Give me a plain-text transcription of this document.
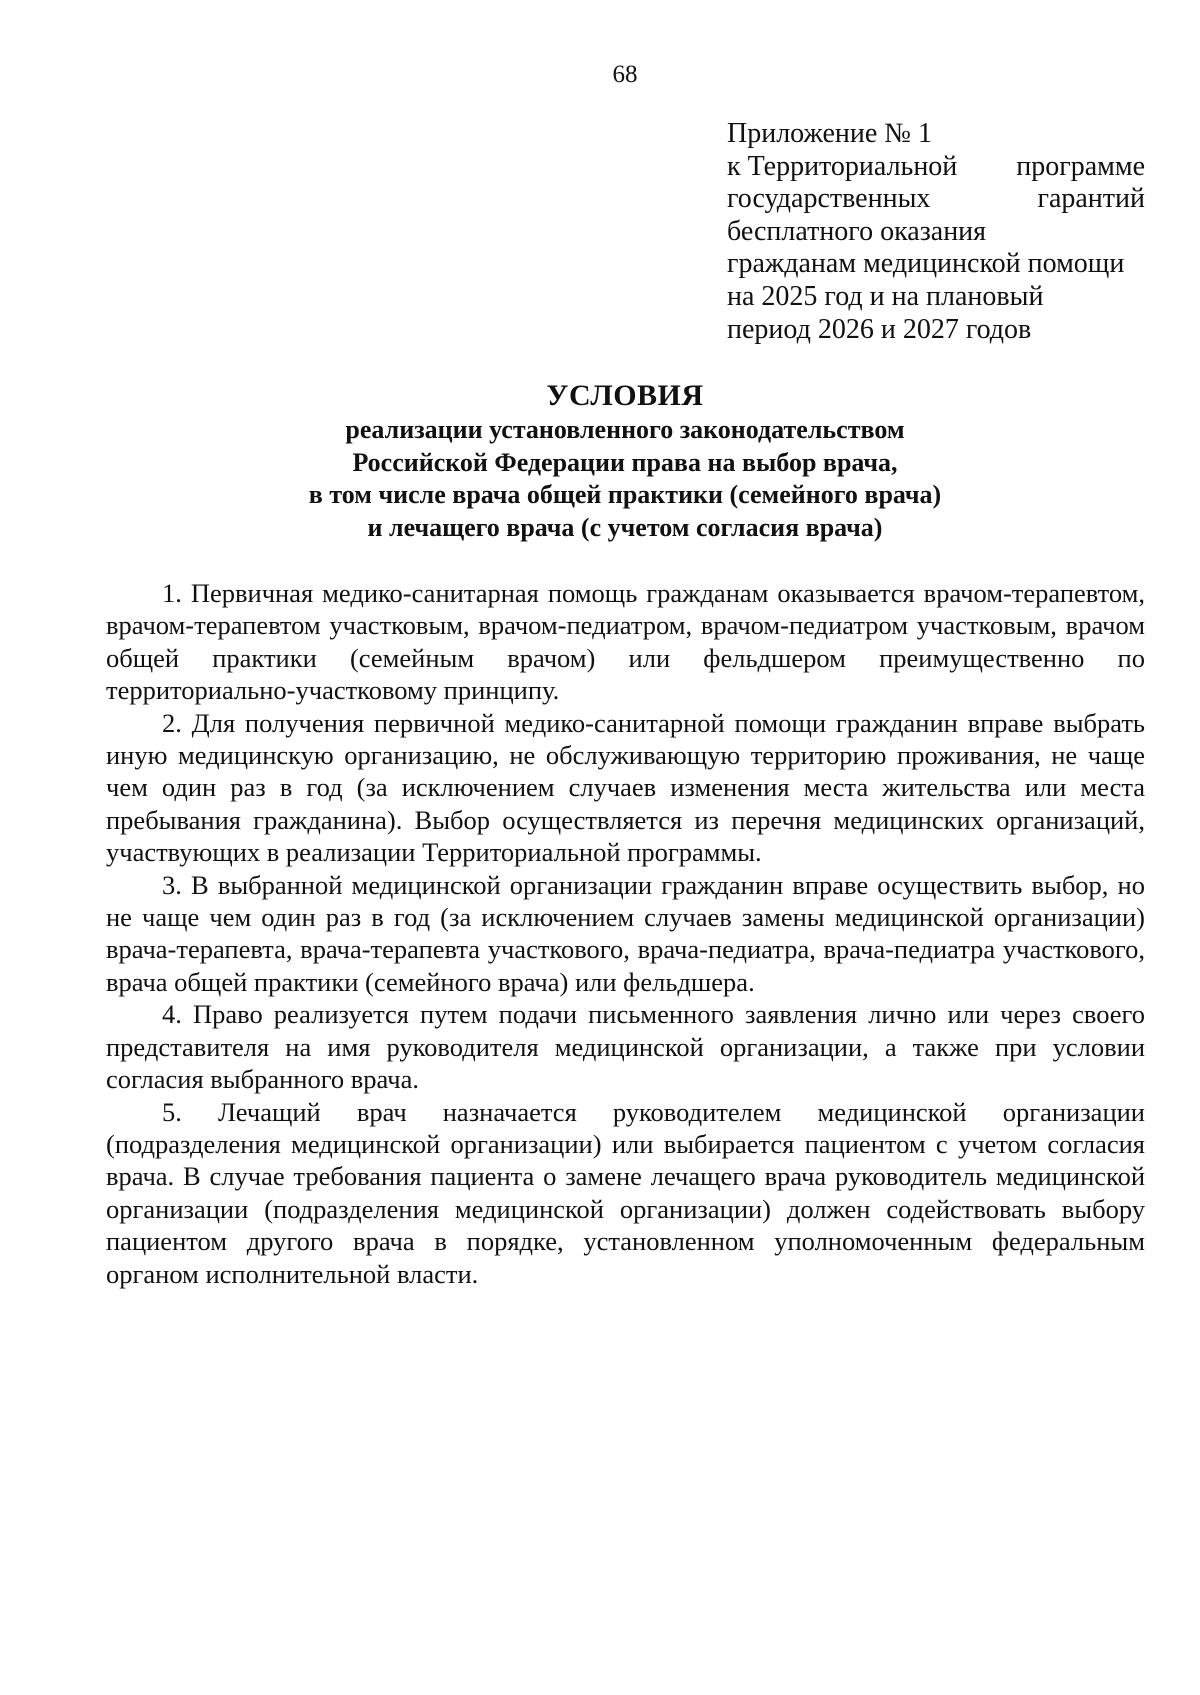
68
Приложение № 1
к Территориальной программе
государственных	гарантий
бесплатного оказания
гражданам медицинской помощи
на 2025 год и на плановый
период 2026 и 2027 годов
УСЛОВИЯ
реализации установленного законодательством
Российской Федерации права на выбор врача,
в том числе врача общей практики (семейного врача)
и лечащего врача (с учетом согласия врача)

1. Первичная медико-санитарная помощь гражданам оказывается врачом-терапевтом, врачом-терапевтом участковым, врачом-педиатром, врачом-педиатром участковым, врачом общей практики (семейным врачом) или фельдшером преимущественно по территориально-участковому принципу.

2. Для получения первичной медико-санитарной помощи гражданин вправе выбрать иную медицинскую организацию, не обслуживающую территорию проживания, не чаще чем один раз в год (за исключением случаев изменения места жительства или места пребывания гражданина). Выбор осуществляется из перечня медицинских организаций, участвующих в реализации Территориальной программы.

3. В выбранной медицинской организации гражданин вправе осуществить выбор, но не чаще чем один раз в год (за исключением случаев замены медицинской организации) врача-терапевта, врача-терапевта участкового, врача-педиатра, врача-педиатра участкового, врача общей практики (семейного врача) или фельдшера.

4. Право реализуется путем подачи письменного заявления лично или через своего представителя на имя руководителя медицинской организации, а также при условии согласия выбранного врача.

5. Лечащий врач назначается руководителем медицинской организации (подразделения медицинской организации) или выбирается пациентом с учетом согласия врача. В случае требования пациента о замене лечащего врача руководитель медицинской организации (подразделения медицинской организации) должен содействовать выбору пациентом другого врача в порядке, установленном уполномоченным федеральным органом исполнительной власти.
